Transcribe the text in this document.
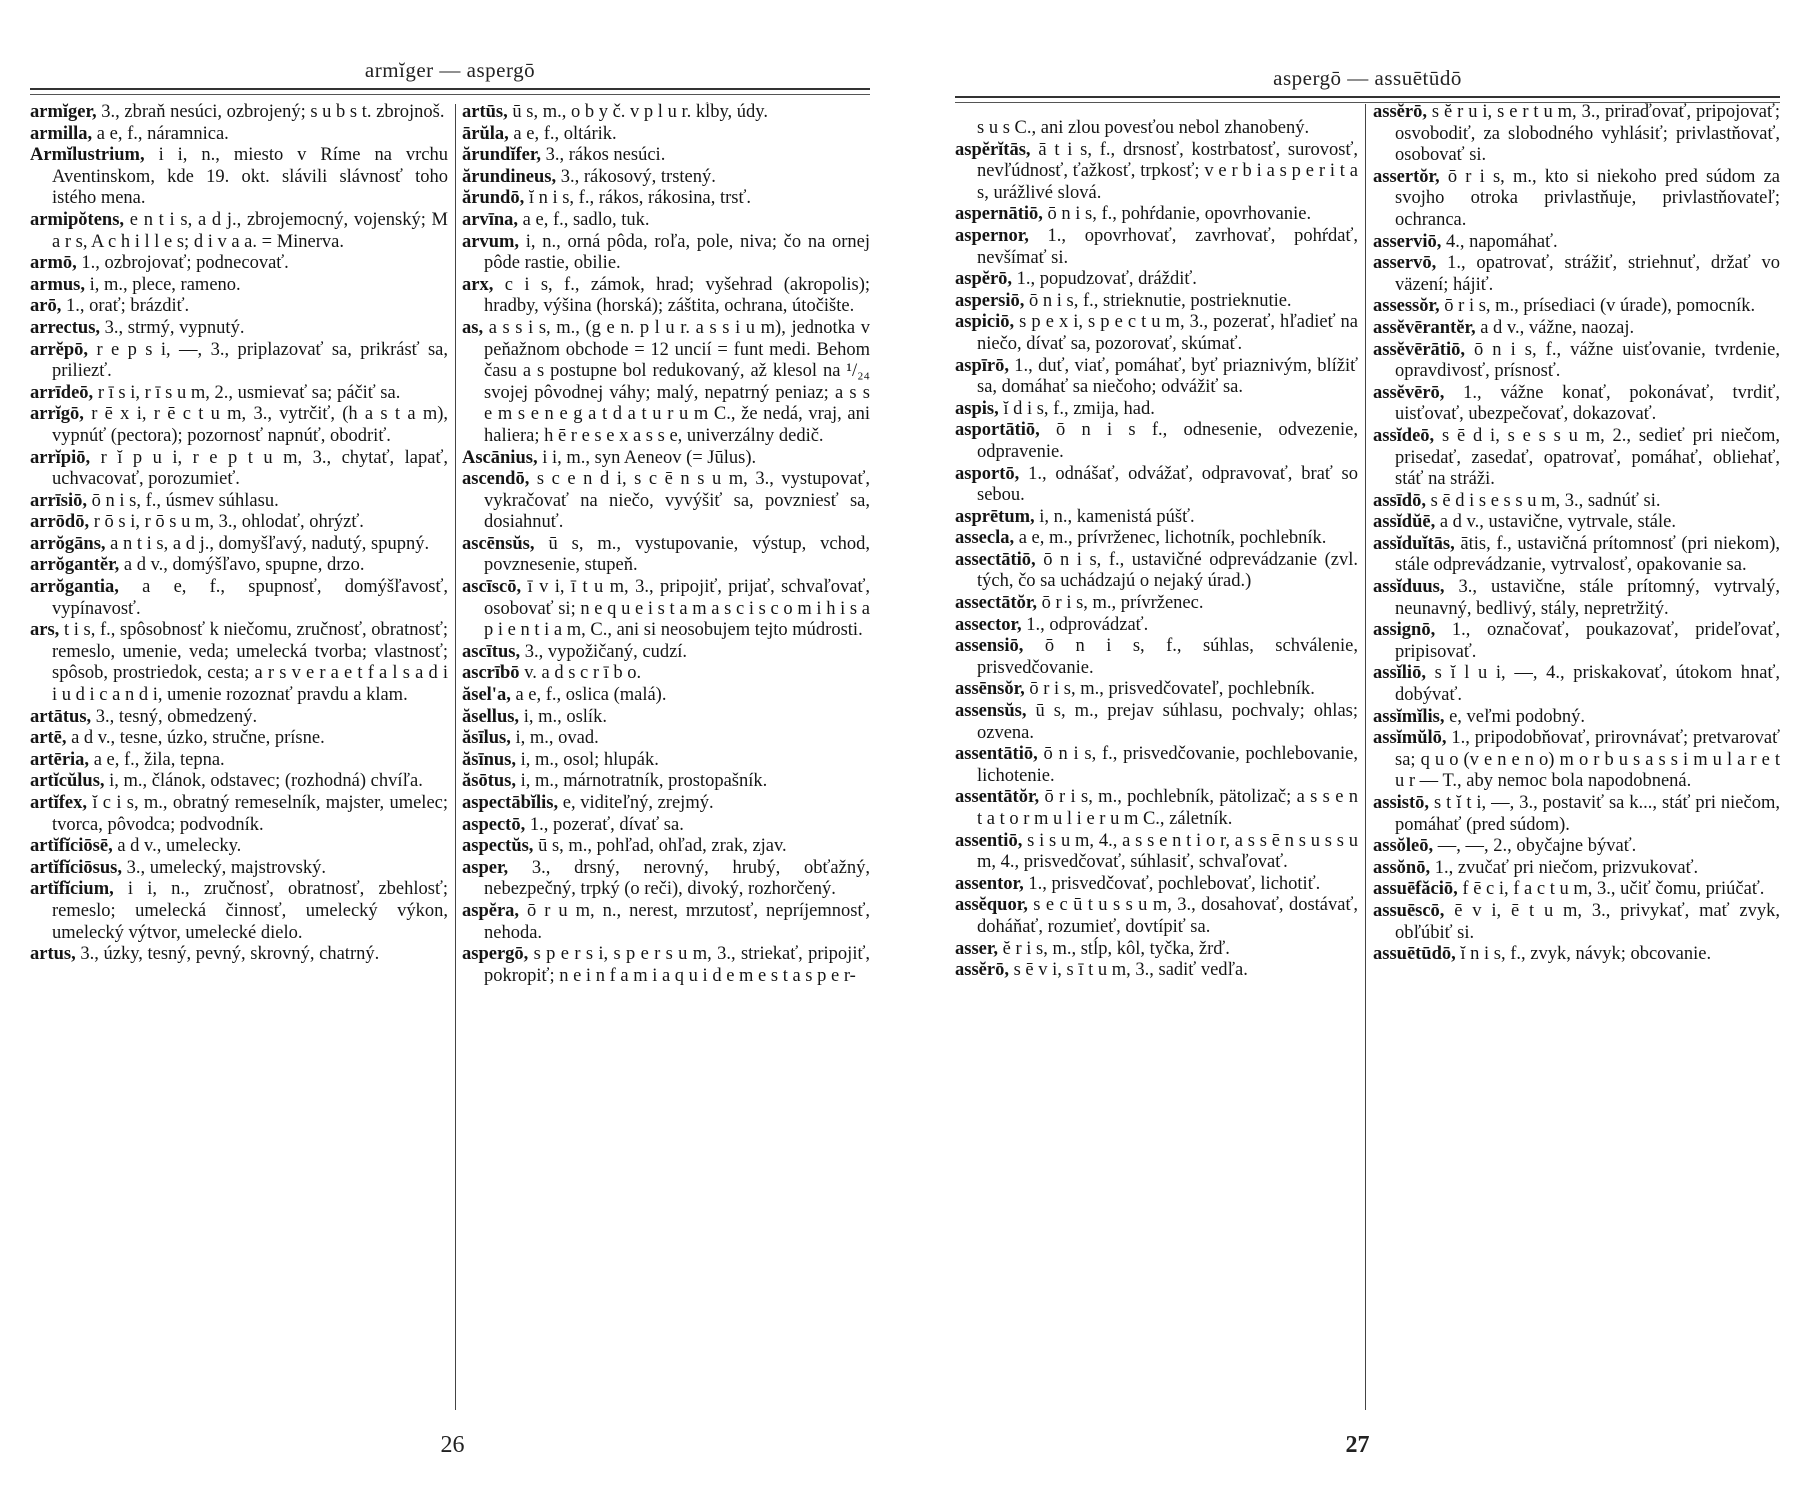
armĭger — aspergō

armĭger, 3., zbraň nesúci, ozbrojený; s u b s t. zbrojnoš.

armilla, a e, f., náramnica.

Armĭlustrium, i i, n., miesto v Ríme na vrchu Aventinskom, kde 19. okt. slávili slávnosť toho istého mena.

armipŏtens, e n t i s, a d j., zbrojemocný, vojenský; M a r s, A c h i l l e s; d i v a a. = Minerva.

armō, 1., ozbrojovať; podnecovať.

armus, i, m., plece, rameno.

arō, 1., orať; brázdiť.

arrectus, 3., strmý, vypnutý.

arrĕpō, r e p s i, —, 3., priplazovať sa, prikrásť sa, priliezť.

arrīdeō, r ī s i, r ī s u m, 2., usmievať sa; páčiť sa.

arrĭgō, r ē x i, r ē c t u m, 3., vytrčiť, (h a s t a m), vypnúť (pectora); pozornosť napnúť, obodriť.

arrĭpiō, r ĭ p u i, r e p t u m, 3., chytať, lapať, uchvacovať, porozumieť.

arrīsiō, ō n i s, f., úsmev súhlasu.

arrōdō, r ō s i, r ō s u m, 3., ohlodať, ohrýzť.

arrŏgāns, a n t i s, a d j., domyšľavý, nadutý, spupný.

arrŏgantĕr, a d v., domýšľavo, spupne, drzo.

arrŏgantia, a e, f., spupnosť, domýšľavosť, vypínavosť.

ars, t i s, f., spôsobnosť k niečomu, zručnosť, obratnosť; remeslo, umenie, veda; umelecká tvorba; vlastnosť; spôsob, prostriedok, cesta; a r s v e r a e t f a l s a d i i u d i c a n d i, umenie rozoznať pravdu a klam.

artātus, 3., tesný, obmedzený.

artē, a d v., tesne, úzko, stručne, prísne.

artēria, a e, f., žila, tepna.

artĭcŭlus, i, m., článok, odstavec; (rozhodná) chvíľa.

artĭfex, ĭ c i s, m., obratný remeselník, majster, umelec; tvorca, pôvodca; podvodník.

artĭfĭciōsē, a d v., umelecky.

artĭfĭciōsus, 3., umelecký, majstrovský.

artĭfĭcium, i i, n., zručnosť, obratnosť, zbehlosť; remeslo; umelecká činnosť, umelecký výkon, umelecký výtvor, umelecké dielo.

artus, 3., úzky, tesný, pevný, skrovný, chatrný.

artūs, ū s, m., o b y č. v p l u r. kĺby, údy.

ārŭla, a e, f., oltárik.

ărundĭfer, 3., rákos nesúci.

ărundineus, 3., rákosový, trstený.

ărundō, ĭ n i s, f., rákos, rákosina, trsť.

arvīna, a e, f., sadlo, tuk.

arvum, i, n., orná pôda, roľa, pole, niva; čo na ornej pôde rastie, obilie.

arx, c i s, f., zámok, hrad; vyšehrad (akropolis); hradby, výšina (horská); záštita, ochrana, útočište.

as, a s s i s, m., (g e n. p l u r. a s s i u m), jednotka v peňažnom obchode = 12 uncií = funt medi. Behom času a s postupne bol redukovaný, až klesol na ¹/₂₄ svojej pôvodnej váhy; malý, nepatrný peniaz; a s s e m s e n e g a t d a t u r u m C., že nedá, vraj, ani haliera; h ē r e s e x a s s e, univerzálny dedič.

Ascānius, i i, m., syn Aeneov (= Jūlus).

ascendō, s c e n d i, s c ē n s u m, 3., vystupovať, vykračovať na niečo, vyvýšiť sa, povzniesť sa, dosiahnuť.

ascēnsŭs, ū s, m., vystupovanie, výstup, vchod, povznesenie, stupeň.

ascīscō, ī v i, ī t u m, 3., pripojiť, prijať, schvaľovať, osobovať si; n e q u e i s t a m a s c i s c o m i h i s a p i e n t i a m, C., ani si neosobujem tejto múdrosti.

ascītus, 3., vypožičaný, cudzí.

ascrībō v. a d s c r ī b o.

ăsel'a, a e, f., oslica (malá).

ăsellus, i, m., oslík.

ăsīlus, i, m., ovad.

ăsīnus, i, m., osol; hlupák.

ăsōtus, i, m., márnotratník, prostopašník.

aspectābĭlis, e, viditeľný, zrejmý.

aspectō, 1., pozerať, dívať sa.

aspectŭs, ū s, m., pohľad, ohľad, zrak, zjav.

asper, 3., drsný, nerovný, hrubý, obťažný, nebezpečný, trpký (o reči), divoký, rozhorčený.

aspĕra, ō r u m, n., nerest, mrzutosť, nepríjemnosť, nehoda.

aspergō, s p e r s i, s p e r s u m, 3., striekať, pripojiť, pokropiť; n e i n f a m i a q u i d e m e s t a s p e r-

26
aspergō — assuētūdō

s u s C., ani zlou povesťou nebol zhanobený.

aspĕrĭtās, ā t i s, f., drsnosť, kostrbatosť, surovosť, nevľúdnosť, ťažkosť, trpkosť; v e r b i a s p e r i t a s, urážlivé slová.

aspernātiō, ō n i s, f., pohŕdanie, opovrhovanie.

aspernor, 1., opovrhovať, zavrhovať, pohŕdať, nevšímať si.

aspĕrō, 1., popudzovať, dráždiť.

aspersiō, ō n i s, f., strieknutie, postrieknutie.

aspiciō, s p e x i, s p e c t u m, 3., pozerať, hľadieť na niečo, dívať sa, pozorovať, skúmať.

aspīrō, 1., duť, viať, pomáhať, byť priaznivým, blížiť sa, domáhať sa niečoho; odvážiť sa.

aspis, ĭ d i s, f., zmija, had.

asportātiō, ō n i s f., odnesenie, odvezenie, odpravenie.

asportō, 1., odnášať, odvážať, odpravovať, brať so sebou.

asprētum, i, n., kamenistá púšť.

assecla, a e, m., prívrženec, lichotník, pochlebník.

assectātiō, ō n i s, f., ustavičné odprevádzanie (zvl. tých, čo sa uchádzajú o nejaký úrad.)

assectātŏr, ō r i s, m., prívrženec.

assector, 1., odprovádzať.

assensiō, ō n i s, f., súhlas, schválenie, prisvedčovanie.

assēnsŏr, ō r i s, m., prisvedčovateľ, pochlebník.

assensŭs, ū s, m., prejav súhlasu, pochvaly; ohlas; ozvena.

assentātiō, ō n i s, f., prisvedčovanie, pochlebovanie, lichotenie.

assentātŏr, ō r i s, m., pochlebník, pätolizač; a s s e n t a t o r m u l i e r u m C., záletník.

assentiō, s i s u m, 4., a s s e n t i o r, a s s ē n s u s s u m, 4., prisvedčovať, súhlasiť, schvaľovať.

assentor, 1., prisvedčovať, pochlebovať, lichotiť.

assĕquor, s e c ū t u s s u m, 3., dosahovať, dostávať, doháňať, rozumieť, dovtípiť sa.

asser, ĕ r i s, m., stĺp, kôl, tyčka, žrď.

assĕrō, s ē v i, s ī t u m, 3., sadiť vedľa.

assĕrō, s ĕ r u i, s e r t u m, 3., priraďovať, pripojovať; osvobodiť, za slobodného vyhlásiť; privlastňovať, osobovať si.

assertŏr, ō r i s, m., kto si niekoho pred súdom za svojho otroka privlastňuje, privlastňovateľ; ochranca.

asserviō, 4., napomáhať.

asservō, 1., opatrovať, strážiť, striehnuť, držať vo väzení; hájiť.

assessŏr, ō r i s, m., prísediaci (v úrade), pomocník.

assĕvērantĕr, a d v., vážne, naozaj.

assĕvērātiō, ō n i s, f., vážne uisťovanie, tvrdenie, opravdivosť, prísnosť.

assĕvērō, 1., vážne konať, pokonávať, tvrdiť, uisťovať, ubezpečovať, dokazovať.

assĭdeō, s ē d i, s e s s u m, 2., sedieť pri niečom, prisedať, zasedať, opatrovať, pomáhať, obliehať, stáť na stráži.

assīdō, s ē d i s e s s u m, 3., sadnúť si.

assĭdŭē, a d v., ustavične, vytrvale, stále.

assĭduĭtās, ātis, f., ustavičná prítomnosť (pri niekom), stále odprevádzanie, vytrvalosť, opakovanie sa.

assĭduus, 3., ustavične, stále prítomný, vytrvalý, neunavný, bedlivý, stály, nepretržitý.

assignō, 1., označovať, poukazovať, prideľovať, pripisovať.

assĭliō, s ĭ l u i, —, 4., priskakovať, útokom hnať, dobývať.

assĭmĭlis, e, veľmi podobný.

assĭmŭlō, 1., pripodobňovať, prirovnávať; pretvarovať sa; q u o (v e n e n o) m o r b u s a s s i m u l a r e t u r — T., aby nemoc bola napodobnená.

assistō, s t ĭ t i, —, 3., postaviť sa k..., stáť pri niečom, pomáhať (pred súdom).

assŏleō, —, —, 2., obyčajne bývať.

assŏnō, 1., zvučať pri niečom, prizvukovať.

assuēfăciō, f ē c i, f a c t u m, 3., učiť čomu, priúčať.

assuēscō, ē v i, ē t u m, 3., privykať, mať zvyk, obľúbiť si.

assuētūdō, ĭ n i s, f., zvyk, návyk; obcovanie.

27
